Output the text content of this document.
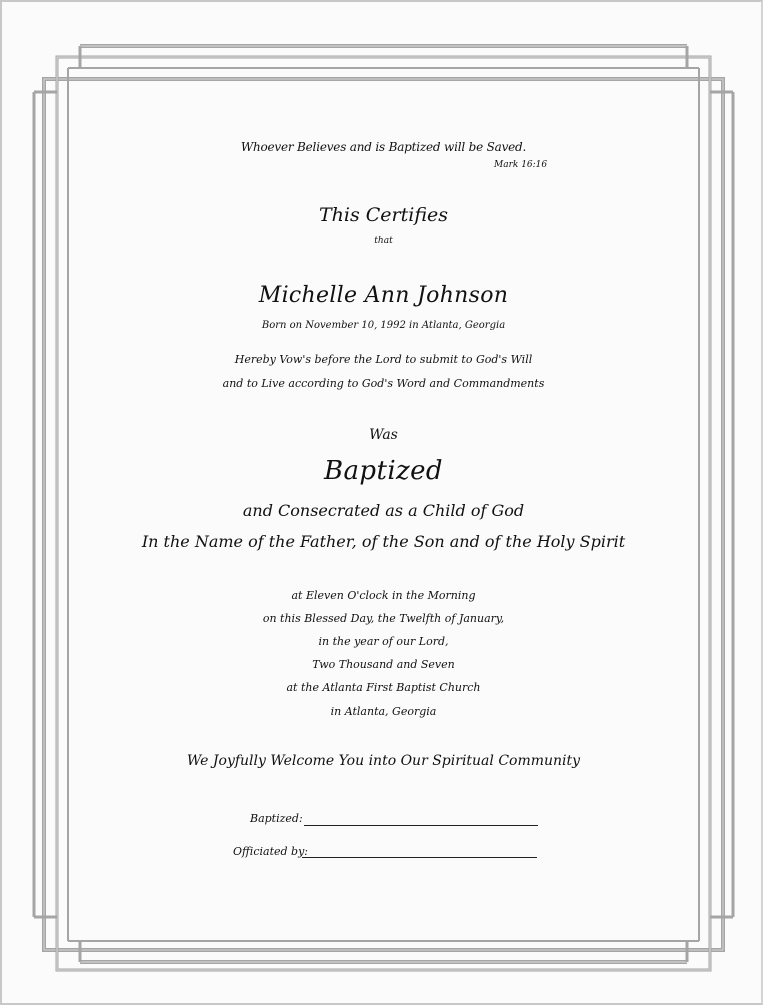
Whoever Believes and is Baptized will be Saved.
Mark 16:16
This Certifies
that
Michelle Ann Johnson
Born on November 10, 1992 in Atlanta, Georgia
Hereby Vow's before the Lord to submit to God's Will
and to Live according to God's Word and Commandments
Was
Baptized
and Consecrated as a Child of God
In the Name of the Father, of the Son and of the Holy Spirit
at Eleven O'clock in the Morning
on this Blessed Day, the Twelfth of January,
in the year of our Lord,
Two Thousand and Seven
at the Atlanta First Baptist Church
in Atlanta, Georgia
We Joyfully Welcome You into Our Spiritual Community
Baptized:
Officiated by:
